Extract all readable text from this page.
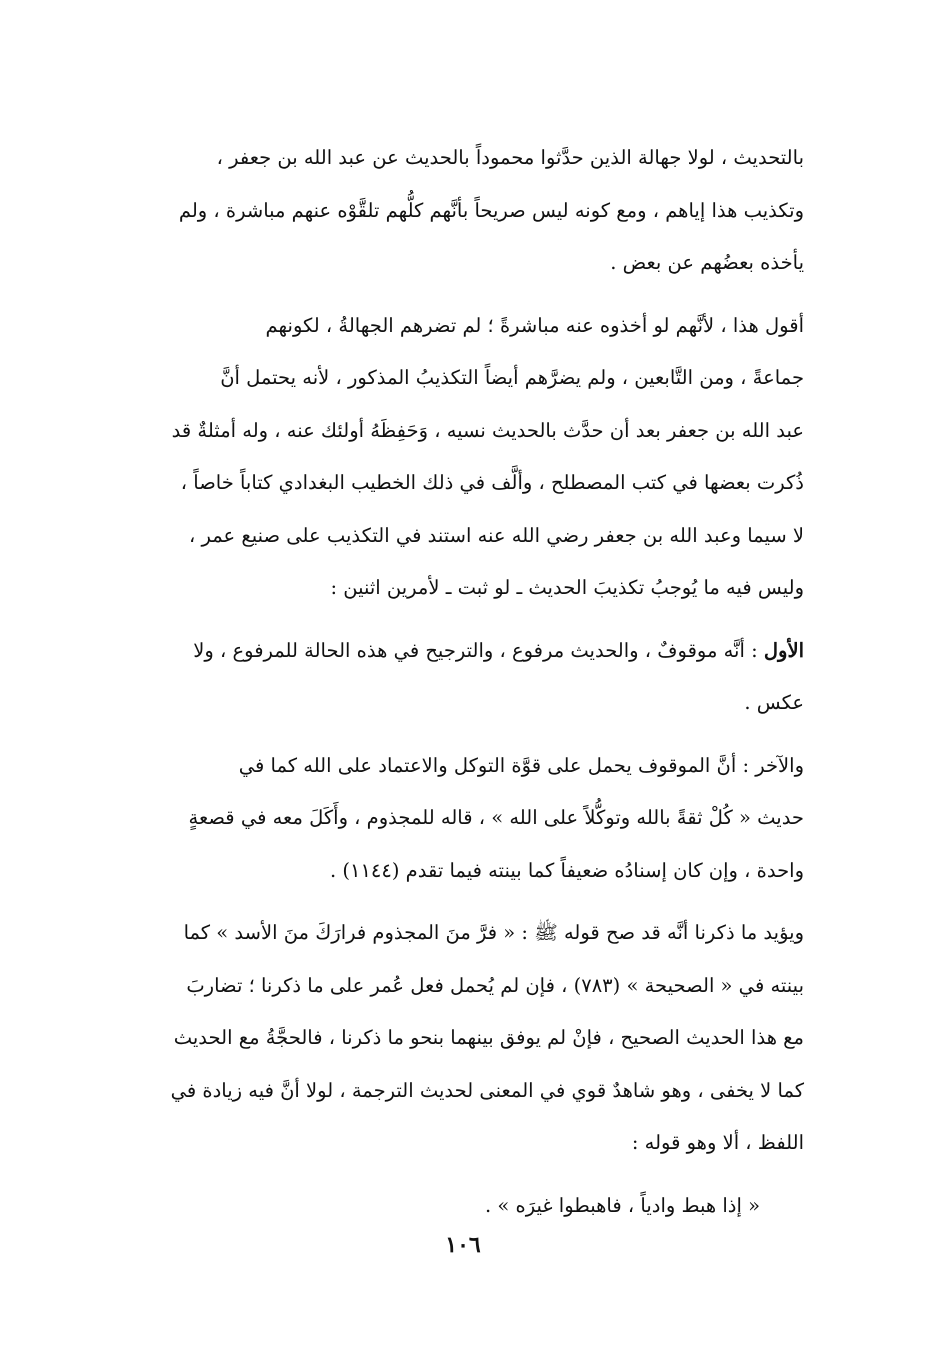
بالتحديث ، لولا جهالة الذين حدَّثوا محموداً بالحديث عن عبد الله بن جعفر ،
وتكذيب هذا إياهم ، ومع كونه ليس صريحاً بأنَّهم كلُّهم تلقَّوْه عنهم مباشرة ، ولم
يأخذه بعضُهم عن بعض .
أقول هذا ، لأنَّهم لو أخذوه عنه مباشرةً ؛ لم تضرهم الجهالةُ ، لكونهم
جماعةً ، ومن التَّابعين ، ولم يضرَّهم أيضاً التكذيبُ المذكور ، لأنه يحتمل أنَّ
عبد الله بن جعفر بعد أن حدَّث بالحديث نسيه ، وَحَفِظَهُ أولئك عنه ، وله أمثلةٌ قد
ذُكرت بعضها في كتب المصطلح ، وألَّف في ذلك الخطيب البغدادي كتاباً خاصاً ،
لا سيما وعبد الله بن جعفر رضي الله عنه استند في التكذيب على صنيع عمر ،
وليس فيه ما يُوجبُ تكذيبَ الحديث ـ لو ثبت ـ لأمرين اثنين :
الأول : أنَّه موقوفٌ ، والحديث مرفوع ، والترجيح في هذه الحالة للمرفوع ، ولا
عكس .
والآخر : أنَّ الموقوف يحمل على قوَّة التوكل والاعتماد على الله كما في
حديث « كُلْ ثقةً بالله وتوكُّلاً على الله » ، قاله للمجذوم ، وأَكَلَ معه في قصعةٍ
واحدة ، وإن كان إسنادُه ضعيفاً كما بينته فيما تقدم (١١٤٤) .
ويؤيد ما ذكرنا أنَّه قد صح قوله ﷺ : « فرَّ منَ المجذوم فرارَكَ منَ الأسد » كما
بينته في « الصحيحة » (٧٨٣) ، فإن لم يُحمل فعل عُمر على ما ذكرنا ؛ تضاربَ
مع هذا الحديث الصحيح ، فإنْ لم يوفق بينهما بنحو ما ذكرنا ، فالحجَّةُ مع الحديث
كما لا يخفى ، وهو شاهدٌ قوي في المعنى لحديث الترجمة ، لولا أنَّ فيه زيادة في
اللفظ ، ألا وهو قوله :
« إذا هبط وادياً ، فاهبطوا غيرَه » .
١٠٦
